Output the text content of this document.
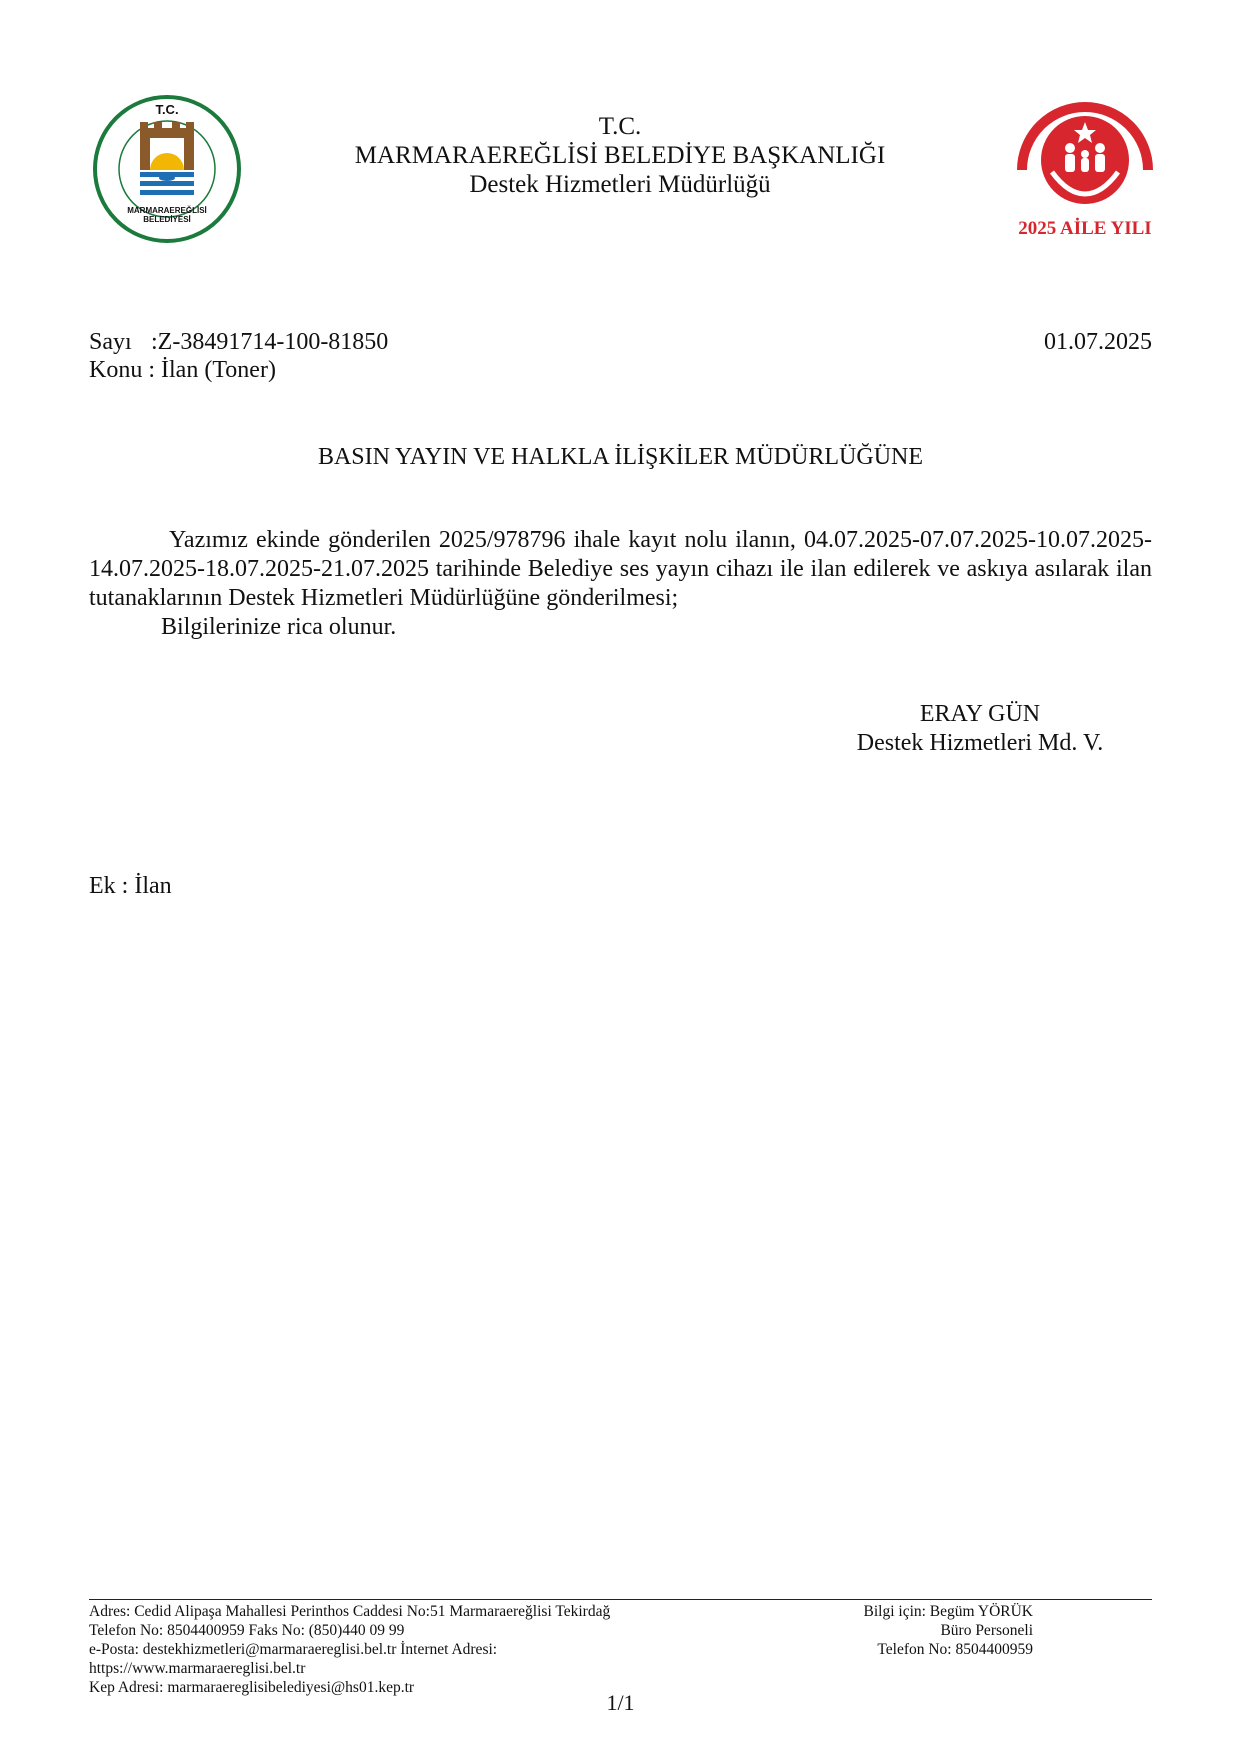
T.C.
MARMARAEREĞLİSİ BELEDİYESİ
T.C.
MARMARAEREĞLİSİ BELEDİYE BAŞKANLIĞI
Destek Hizmetleri Müdürlüğü
2025 AİLE YILI
Sayı :Z-38491714-100-81850
Konu : İlan (Toner)
01.07.2025
BASIN YAYIN VE HALKLA İLİŞKİLER MÜDÜRLÜĞÜNE

Yazımız ekinde gönderilen 2025/978796 ihale kayıt nolu ilanın, 04.07.2025-07.07.2025-10.07.2025-14.07.2025-18.07.2025-21.07.2025 tarihinde Belediye ses yayın cihazı ile ilan edilerek ve askıya asılarak ilan tutanaklarının Destek Hizmetleri Müdürlüğüne gönderilmesi;

Bilgilerinize rica olunur.

ERAY GÜN
Destek Hizmetleri Md. V.
Ek : İlan
Adres: Cedid Alipaşa Mahallesi Perinthos Caddesi No:51 Marmaraereğlisi Tekirdağ
Telefon No: 8504400959 Faks No: (850)440 09 99
e-Posta: destekhizmetleri@marmaraereglisi.bel.tr İnternet Adresi:
https://www.marmaraereglisi.bel.tr
Kep Adresi: marmaraereglisibelediyesi@hs01.kep.tr
Bilgi için: Begüm YÖRÜK
Büro Personeli
Telefon No: 8504400959
1/1
